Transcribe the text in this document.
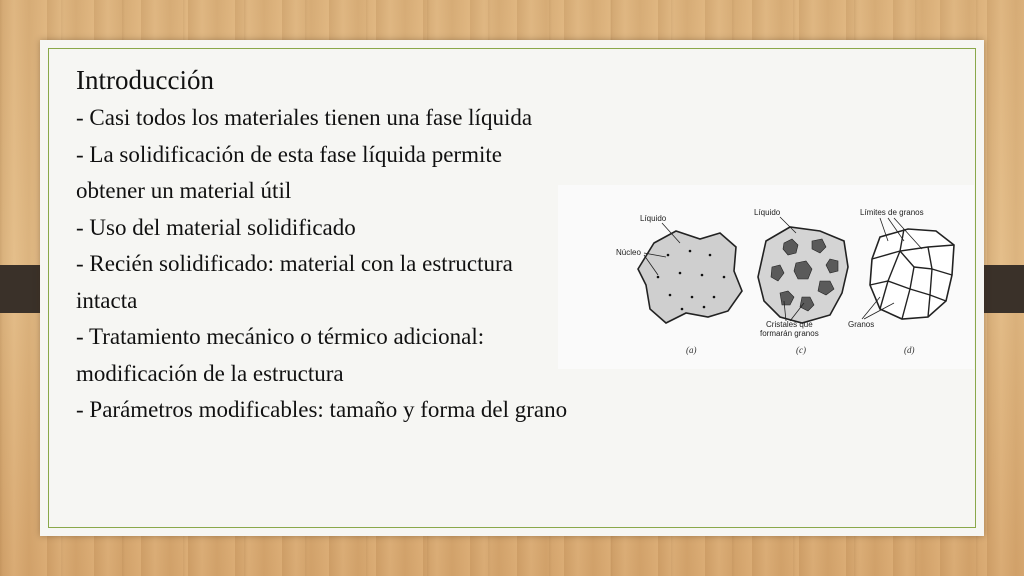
Introducción
- Casi todos los materiales tienen una fase líquida
- La solidificación de esta fase líquida permite obtener un material útil
- Uso del material solidificado
- Recién solidificado: material con la estructura intacta
- Tratamiento mecánico o térmico adicional: modificación de la estructura
- Parámetros modificables: tamaño y forma del grano
Líquido
Núcleo
(a)
Líquido
Cristales que
formarán granos
(c)
Límites de granos
Granos
(d)
